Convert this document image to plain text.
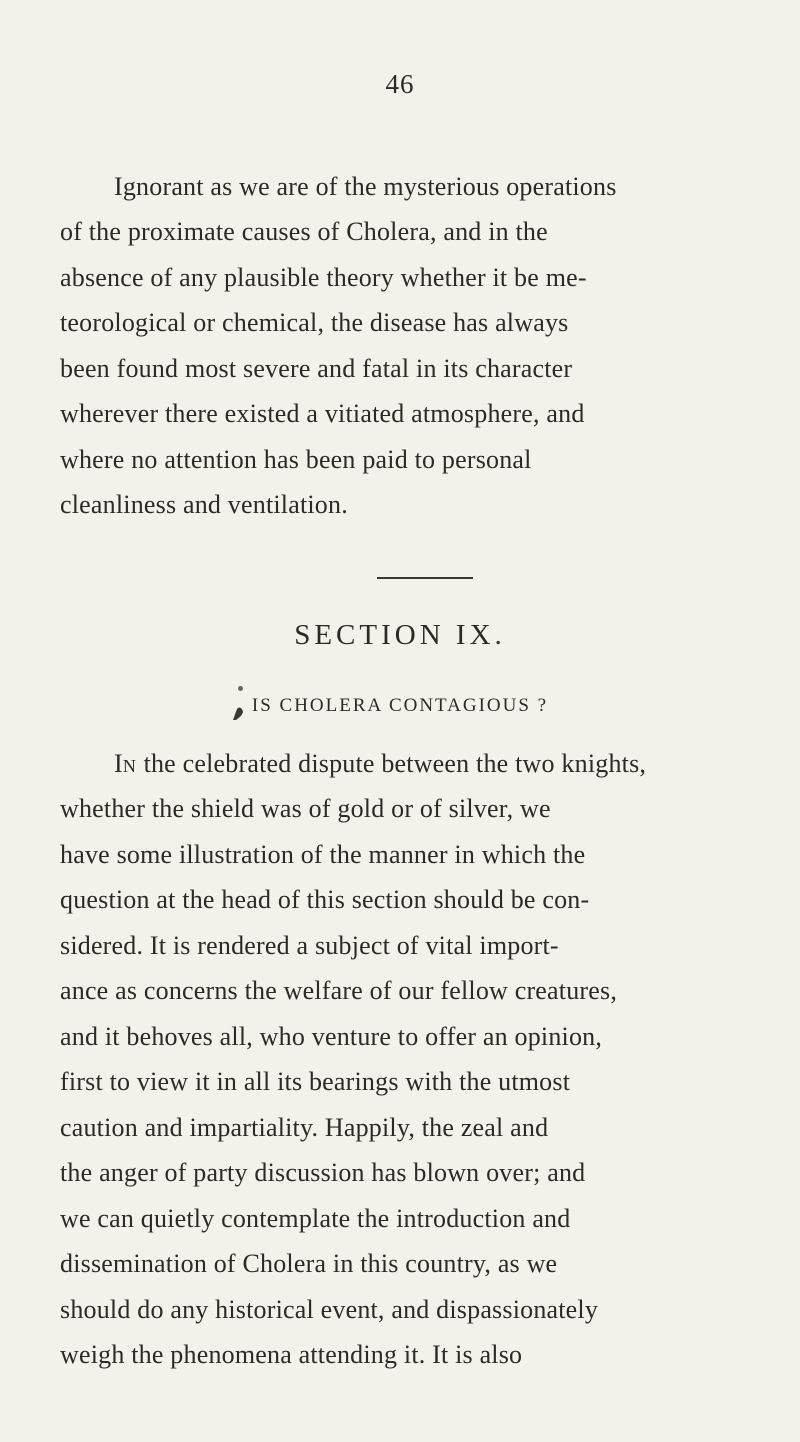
46
Ignorant as we are of the mysterious operations
of the proximate causes of Cholera, and in the
absence of any plausible theory whether it be me-
teorological or chemical, the disease has always
been found most severe and fatal in its character
wherever there existed a vitiated atmosphere, and
where no attention has been paid to personal
cleanliness and ventilation.
SECTION IX.
IS CHOLERA CONTAGIOUS ?
IN the celebrated dispute between the two knights,
whether the shield was of gold or of silver, we
have some illustration of the manner in which the
question at the head of this section should be con-
sidered. It is rendered a subject of vital import-
ance as concerns the welfare of our fellow creatures,
and it behoves all, who venture to offer an opinion,
first to view it in all its bearings with the utmost
caution and impartiality. Happily, the zeal and
the anger of party discussion has blown over; and
we can quietly contemplate the introduction and
dissemination of Cholera in this country, as we
should do any historical event, and dispassionately
weigh the phenomena attending it. It is also
